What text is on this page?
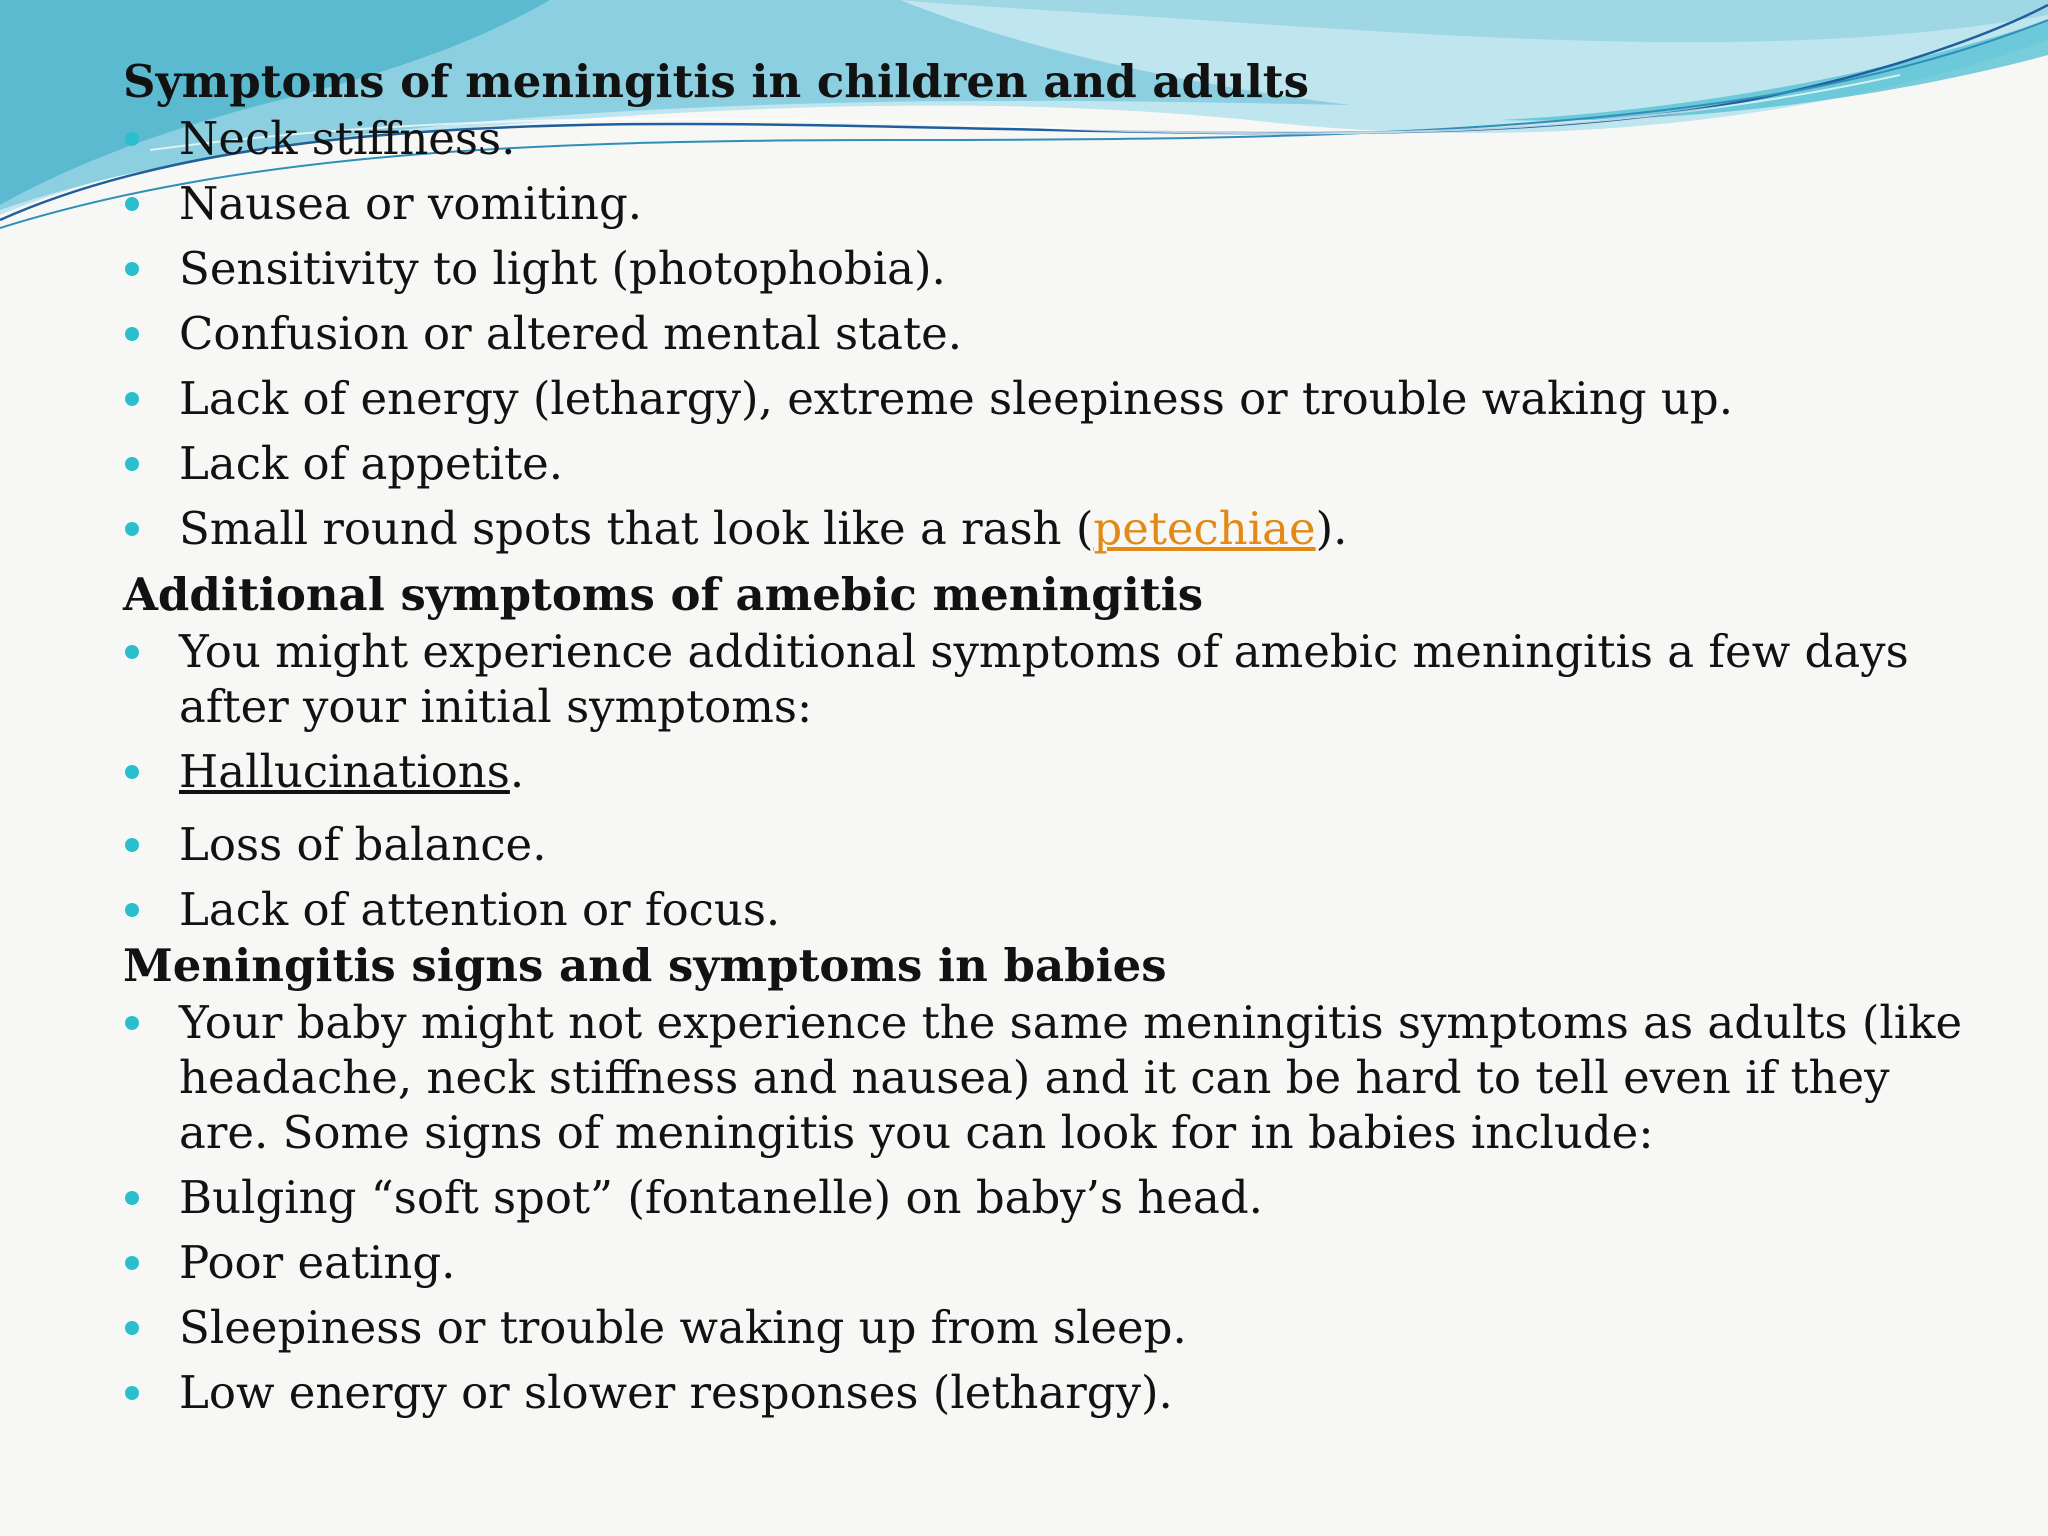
Symptoms of meningitis in children and adults
Neck stiffness.
Nausea or vomiting.
Sensitivity to light (photophobia).
Confusion or altered mental state.
Lack of energy (lethargy), extreme sleepiness or trouble waking up.
Lack of appetite.
Small round spots that look like a rash (petechiae).
Additional symptoms of amebic meningitis
You might experience additional symptoms of amebic meningitis a few days after your initial symptoms:
Hallucinations.
Loss of balance.
Lack of attention or focus.
Meningitis signs and symptoms in babies
Your baby might not experience the same meningitis symptoms as adults (like headache, neck stiffness and nausea) and it can be hard to tell even if they are. Some signs of meningitis you can look for in babies include:
Bulging “soft spot” (fontanelle) on baby’s head.
Poor eating.
Sleepiness or trouble waking up from sleep.
Low energy or slower responses (lethargy).
